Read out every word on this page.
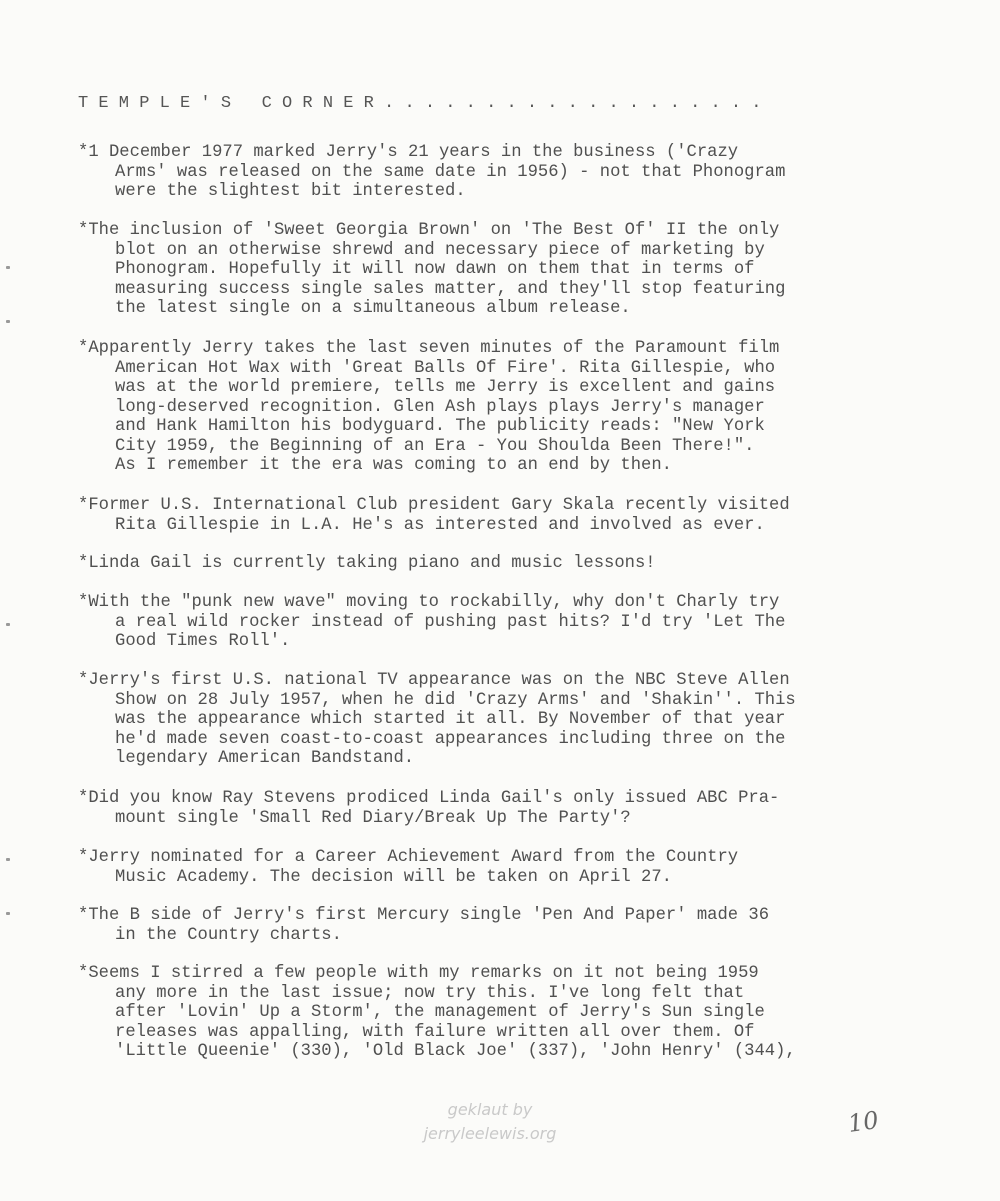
T E M P L E ' S   C O R N E R . . . . . . . . . . . . . . . . . . .

*1 December 1977 marked Jerry's 21 years in the business ('Crazy
Arms' was released on the same date in 1956) - not that Phonogram
were the slightest bit interested.

*The inclusion of 'Sweet Georgia Brown' on 'The Best Of' II the only
blot on an otherwise shrewd and necessary piece of marketing by
Phonogram. Hopefully it will now dawn on them that in terms of
measuring success single sales matter, and they'll stop featuring
the latest single on a simultaneous album release.

*Apparently Jerry takes the last seven minutes of the Paramount film
American Hot Wax with 'Great Balls Of Fire'. Rita Gillespie, who
was at the world premiere, tells me Jerry is excellent and gains
long-deserved recognition. Glen Ash plays plays Jerry's manager
and Hank Hamilton his bodyguard. The publicity reads: "New York
City 1959, the Beginning of an Era - You Shoulda Been There!".
As I remember it the era was coming to an end by then.

*Former U.S. International Club president Gary Skala recently visited
Rita Gillespie in L.A. He's as interested and involved as ever.

*Linda Gail is currently taking piano and music lessons!

*With the "punk new wave" moving to rockabilly, why don't Charly try
a real wild rocker instead of pushing past hits? I'd try 'Let The
Good Times Roll'.

*Jerry's first U.S. national TV appearance was on the NBC Steve Allen
Show on 28 July 1957, when he did 'Crazy Arms' and 'Shakin''. This
was the appearance which started it all. By November of that year
he'd made seven coast-to-coast appearances including three on the
legendary American Bandstand.

*Did you know Ray Stevens prodiced Linda Gail's only issued ABC Pra-
mount single 'Small Red Diary/Break Up The Party'?

*Jerry nominated for a Career Achievement Award from the Country
Music Academy. The decision will be taken on April 27.

*The B side of Jerry's first Mercury single 'Pen And Paper' made 36
in the Country charts.

*Seems I stirred a few people with my remarks on it not being 1959
any more in the last issue; now try this. I've long felt that
after 'Lovin' Up a Storm', the management of Jerry's Sun single
releases was appalling, with failure written all over them. Of
'Little Queenie' (330), 'Old Black Joe' (337), 'John Henry' (344),

geklaut by
jerryleelewis.org	10
